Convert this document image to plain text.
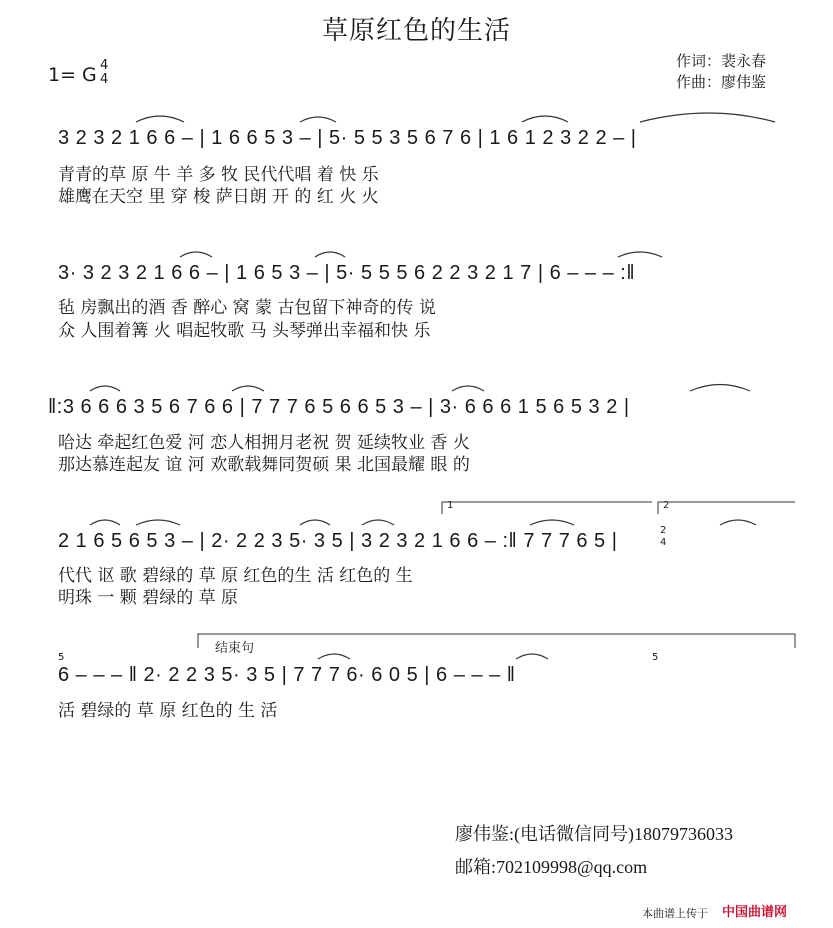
草原红色的生活
1= G 4
4
作词：裴永春
作曲：廖伟鉴
3 2 3 2 1 6 6 – | 1 6 6 5 3 – | 5· 5 5 3 5 6 7 6 | 1 6 1 2 3 2 2 – |
青青的草 原 牛 羊 多 牧 民代代唱 着 快 乐
雄鹰在天空 里 穿 梭 萨日朗 开 的 红 火 火
3· 3 2 3 2 1 6 6 – | 1 6 5 3 – | 5· 5 5 5 6 2 2 3 2 1 7 | 6 – – – :‖
毡 房飘出的酒 香 醉心 窝 蒙 古包留下神奇的传 说
众 人围着篝 火 唱起牧歌 马 头琴弹出幸福和快 乐
‖:3 6 6 6 3 5 6 7 6 6 | 7 7 7 6 5 6 6 5 3 – | 3· 6 6 6 1 5 6 5 3 2 |
哈达 牵起红色爱 河 恋人相拥月老祝 贺 延续牧业 香 火
那达慕连起友 谊 河 欢歌载舞同贺硕 果 北国最耀 眼 的
1	2
2
4
2 1 6 5 6 5 3 – | 2· 2 2 3 5· 3 5 | 3 2 3 2 1 6 6 – :‖ 7 7 7 6 5 |
代代 讴 歌 碧绿的 草 原 红色的生 活 红色的 生
明珠 一 颗 碧绿的 草 原
结束句
5	5
6 – – – ‖ 2· 2 2 3 5· 3 5 | 7 7 7 6· 6 0 5 | 6 – – – ‖
活 碧绿的 草 原 红色的 生 活
廖伟鉴:(电话微信同号)18079736033
邮箱:702109998@qq.com
本曲谱上传于 中国曲谱网
